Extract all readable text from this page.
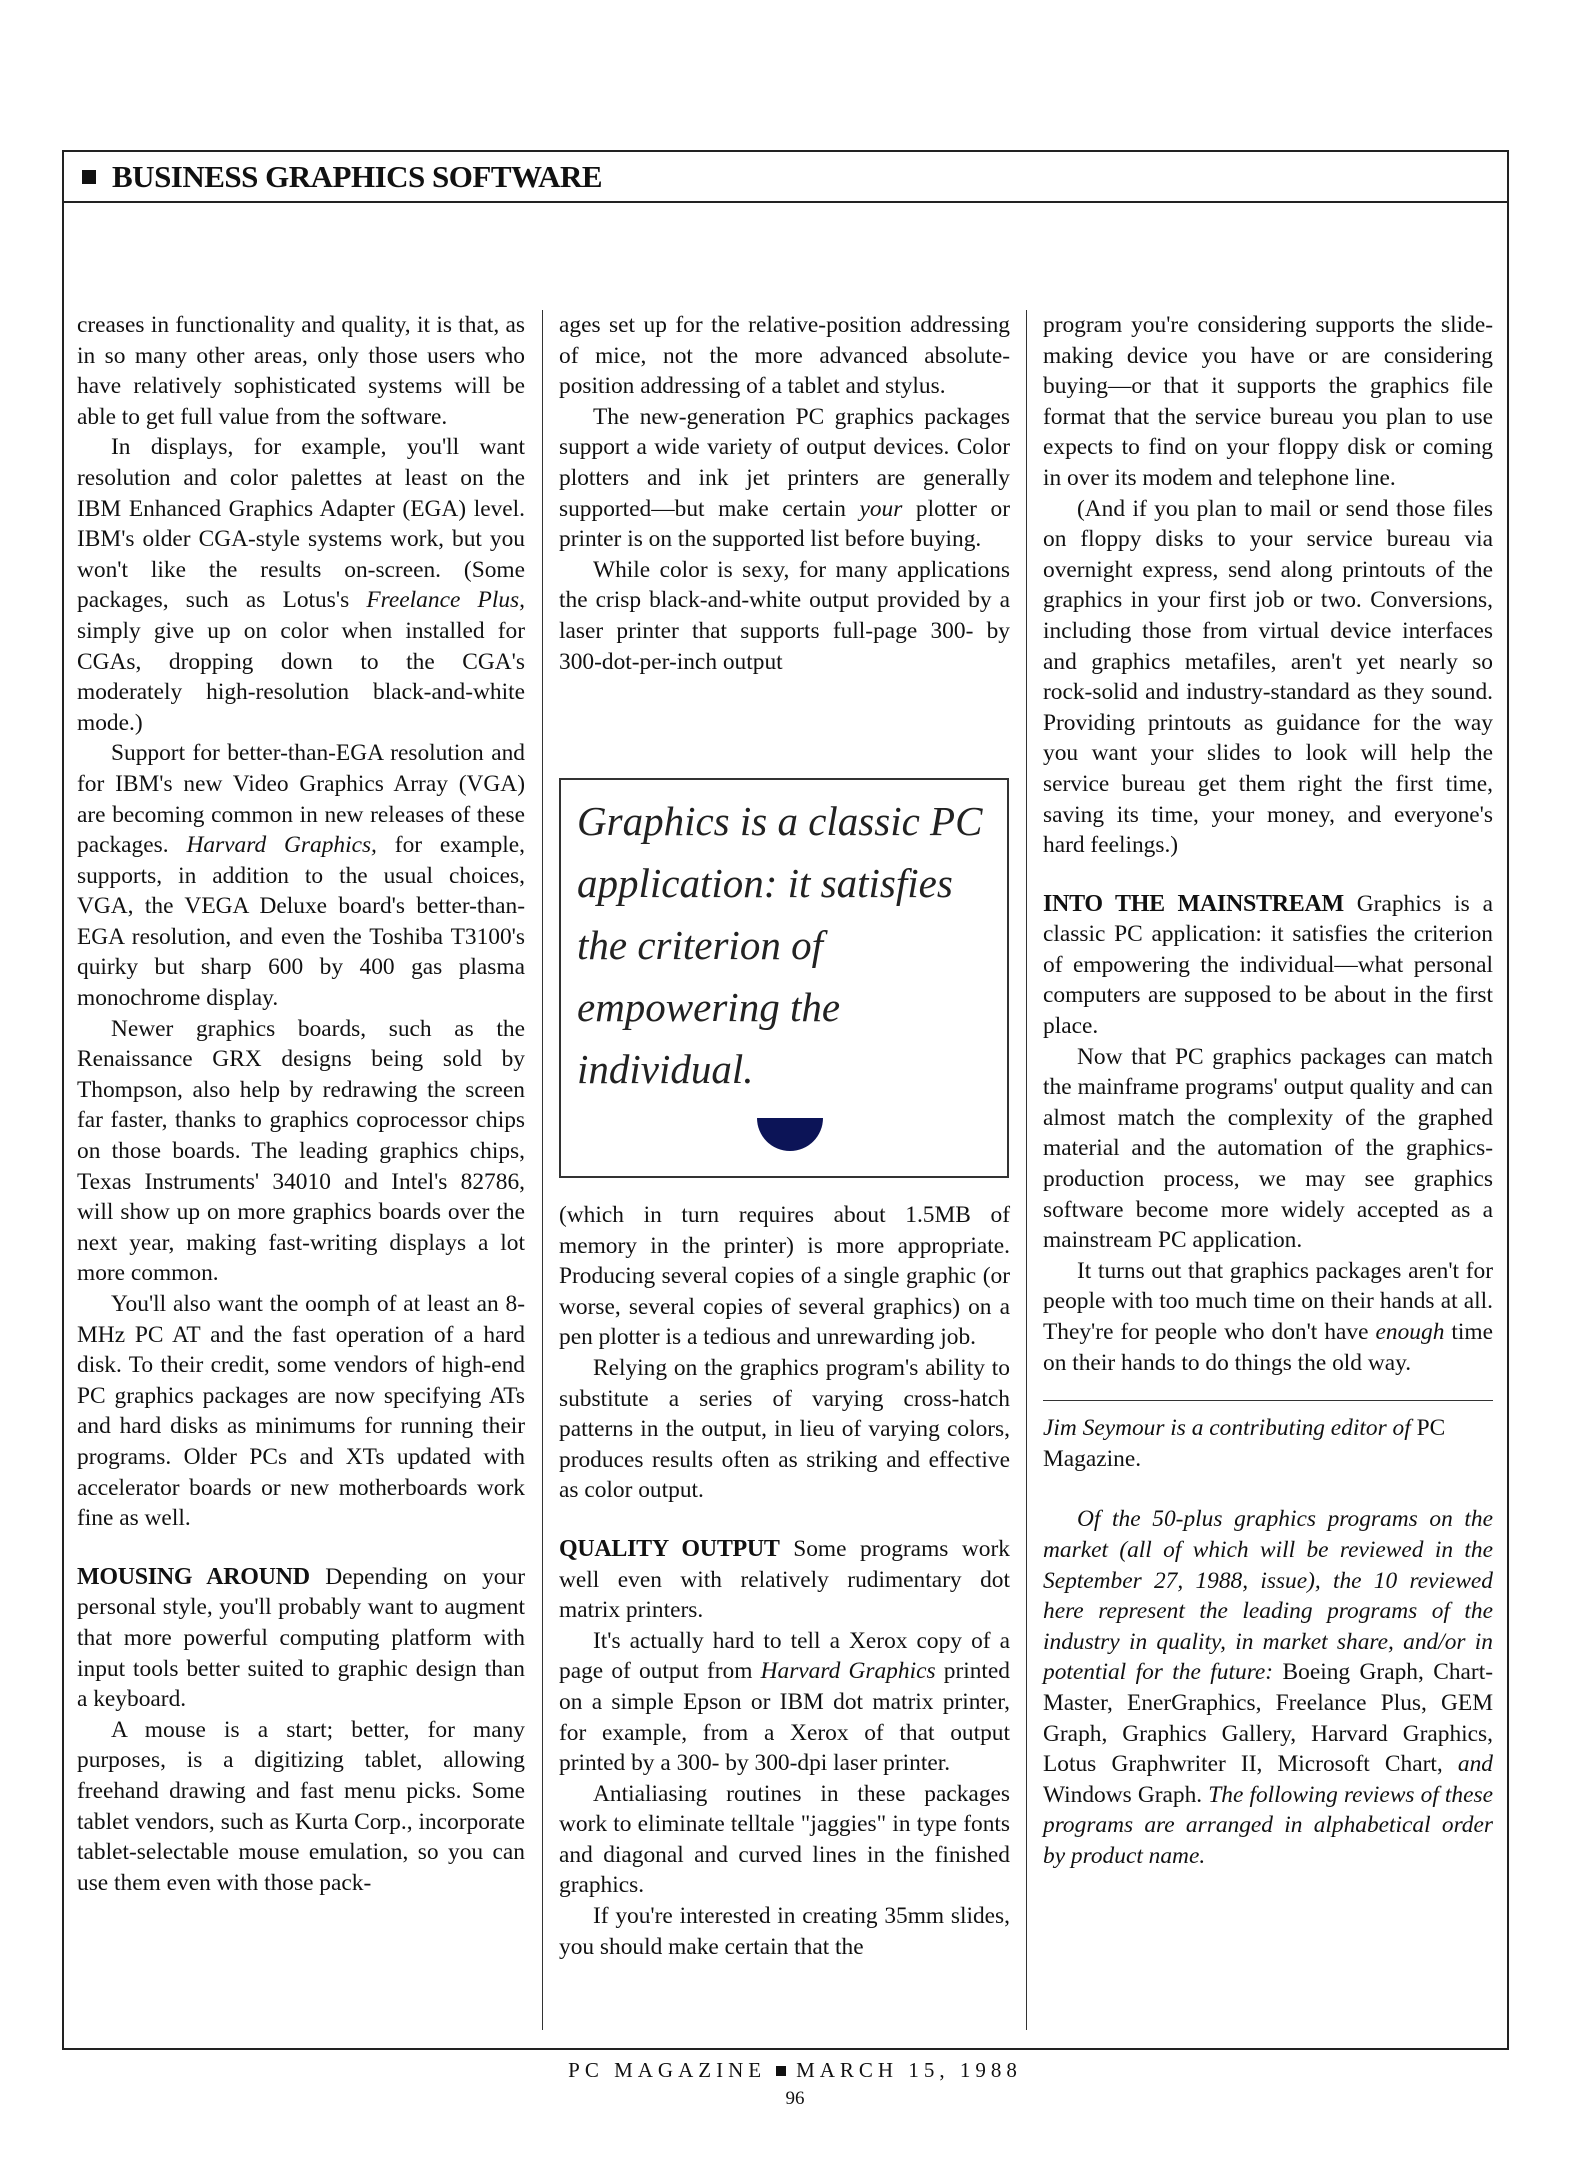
BUSINESS GRAPHICS SOFTWARE

creases in functionality and quality, it is that, as in so many other areas, only those users who have relatively sophisticated systems will be able to get full value from the software.

In displays, for example, you'll want resolution and color palettes at least on the IBM Enhanced Graphics Adapter (EGA) level. IBM's older CGA-style systems work, but you won't like the results on-screen. (Some packages, such as Lotus's Freelance Plus, simply give up on color when installed for CGAs, dropping down to the CGA's moderately high-resolution black-and-white mode.)

Support for better-than-EGA resolution and for IBM's new Video Graphics Array (VGA) are becoming common in new releases of these packages. Harvard Graphics, for example, supports, in addition to the usual choices, VGA, the VEGA Deluxe board's better-than-EGA resolution, and even the Toshiba T3100's quirky but sharp 600 by 400 gas plasma monochrome display.

Newer graphics boards, such as the Renaissance GRX designs being sold by Thompson, also help by redrawing the screen far faster, thanks to graphics coprocessor chips on those boards. The leading graphics chips, Texas Instruments' 34010 and Intel's 82786, will show up on more graphics boards over the next year, making fast-writing displays a lot more common.

You'll also want the oomph of at least an 8-MHz PC AT and the fast operation of a hard disk. To their credit, some vendors of high-end PC graphics packages are now specifying ATs and hard disks as minimums for running their programs. Older PCs and XTs updated with accelerator boards or new motherboards work fine as well.

MOUSING AROUND Depending on your personal style, you'll probably want to augment that more powerful computing platform with input tools better suited to graphic design than a keyboard.

A mouse is a start; better, for many purposes, is a digitizing tablet, allowing freehand drawing and fast menu picks. Some tablet vendors, such as Kurta Corp., incorporate tablet-selectable mouse emulation, so you can use them even with those pack-

ages set up for the relative-position addressing of mice, not the more advanced absolute-position addressing of a tablet and stylus.

The new-generation PC graphics packages support a wide variety of output devices. Color plotters and ink jet printers are generally supported—but make certain your plotter or printer is on the supported list before buying.

While color is sexy, for many applications the crisp black-and-white output provided by a laser printer that supports full-page 300- by 300-dot-per-inch output

Graphics is a classic PC application: it satisfies the criterion of empowering the individual.

(which in turn requires about 1.5MB of memory in the printer) is more appropriate. Producing several copies of a single graphic (or worse, several copies of several graphics) on a pen plotter is a tedious and unrewarding job.

Relying on the graphics program's ability to substitute a series of varying cross-hatch patterns in the output, in lieu of varying colors, produces results often as striking and effective as color output.

QUALITY OUTPUT Some programs work well even with relatively rudimentary dot matrix printers.

It's actually hard to tell a Xerox copy of a page of output from Harvard Graphics printed on a simple Epson or IBM dot matrix printer, for example, from a Xerox of that output printed by a 300- by 300-dpi laser printer.

Antialiasing routines in these packages work to eliminate telltale "jaggies" in type fonts and diagonal and curved lines in the finished graphics.

If you're interested in creating 35mm slides, you should make certain that the

program you're considering supports the slide-making device you have or are considering buying—or that it supports the graphics file format that the service bureau you plan to use expects to find on your floppy disk or coming in over its modem and telephone line.

(And if you plan to mail or send those files on floppy disks to your service bureau via overnight express, send along printouts of the graphics in your first job or two. Conversions, including those from virtual device interfaces and graphics metafiles, aren't yet nearly so rock-solid and industry-standard as they sound. Providing printouts as guidance for the way you want your slides to look will help the service bureau get them right the first time, saving its time, your money, and everyone's hard feelings.)

INTO THE MAINSTREAM Graphics is a classic PC application: it satisfies the criterion of empowering the individual—what personal computers are supposed to be about in the first place.

Now that PC graphics packages can match the mainframe programs' output quality and can almost match the complexity of the graphed material and the automation of the graphics-production process, we may see graphics software become more widely accepted as a mainstream PC application.

It turns out that graphics packages aren't for people with too much time on their hands at all. They're for people who don't have enough time on their hands to do things the old way.

Jim Seymour is a contributing editor of PC Magazine.

Of the 50-plus graphics programs on the market (all of which will be reviewed in the September 27, 1988, issue), the 10 reviewed here represent the leading programs of the industry in quality, in market share, and/or in potential for the future: Boeing Graph, Chart-Master, EnerGraphics, Freelance Plus, GEM Graph, Graphics Gallery, Harvard Graphics, Lotus Graphwriter II, Microsoft Chart, and Windows Graph. The following reviews of these programs are arranged in alphabetical order by product name.

PC MAGAZINE MARCH 15, 1988
96
